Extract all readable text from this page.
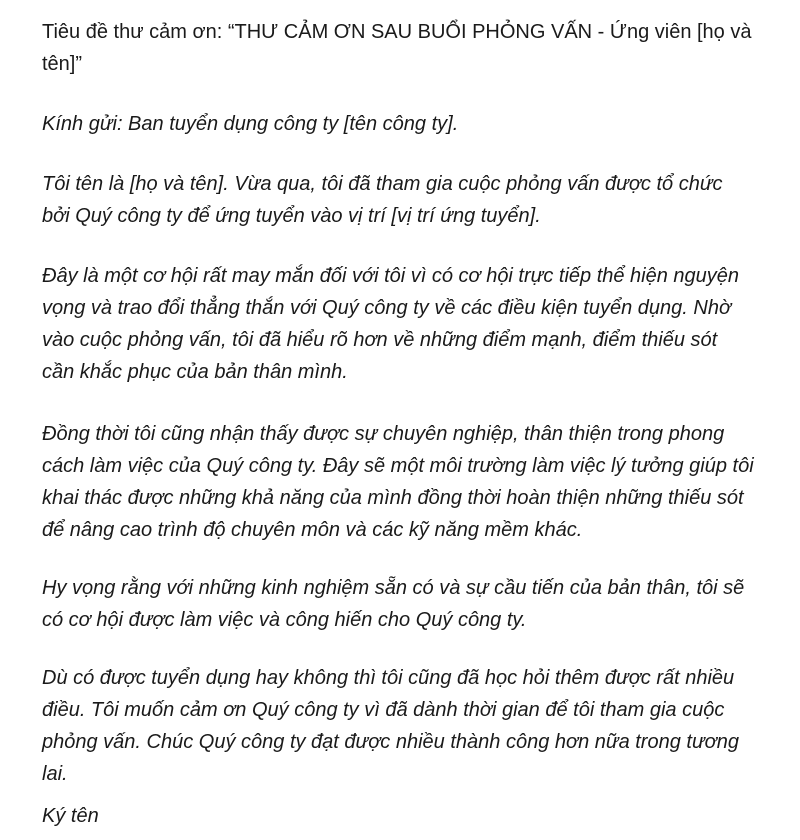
Tiêu đề thư cảm ơn: “THƯ CẢM ƠN SAU BUỔI PHỎNG VẤN - Ứng viên [họ và tên]”

Kính gửi: Ban tuyển dụng công ty [tên công ty].

Tôi tên là [họ và tên]. Vừa qua, tôi đã tham gia cuộc phỏng vấn được tổ chức
bởi Quý công ty để ứng tuyển vào vị trí [vị trí ứng tuyển].

Đây là một cơ hội rất may mắn đối với tôi vì có cơ hội trực tiếp thể hiện nguyện
vọng và trao đổi thẳng thắn với Quý công ty về các điều kiện tuyển dụng. Nhờ
vào cuộc phỏng vấn, tôi đã hiểu rõ hơn về những điểm mạnh, điểm thiếu sót
cần khắc phục của bản thân mình.

Đồng thời tôi cũng nhận thấy được sự chuyên nghiệp, thân thiện trong phong
cách làm việc của Quý công ty. Đây sẽ một môi trường làm việc lý tưởng giúp tôi
khai thác được những khả năng của mình đồng thời hoàn thiện những thiếu sót
để nâng cao trình độ chuyên môn và các kỹ năng mềm khác.

Hy vọng rằng với những kinh nghiệm sẵn có và sự cầu tiến của bản thân, tôi sẽ
có cơ hội được làm việc và công hiến cho Quý công ty.

Dù có được tuyển dụng hay không thì tôi cũng đã học hỏi thêm được rất nhiều
điều. Tôi muốn cảm ơn Quý công ty vì đã dành thời gian để tôi tham gia cuộc
phỏng vấn. Chúc Quý công ty đạt được nhiều thành công hơn nữa trong tương
lai.

Ký tên
